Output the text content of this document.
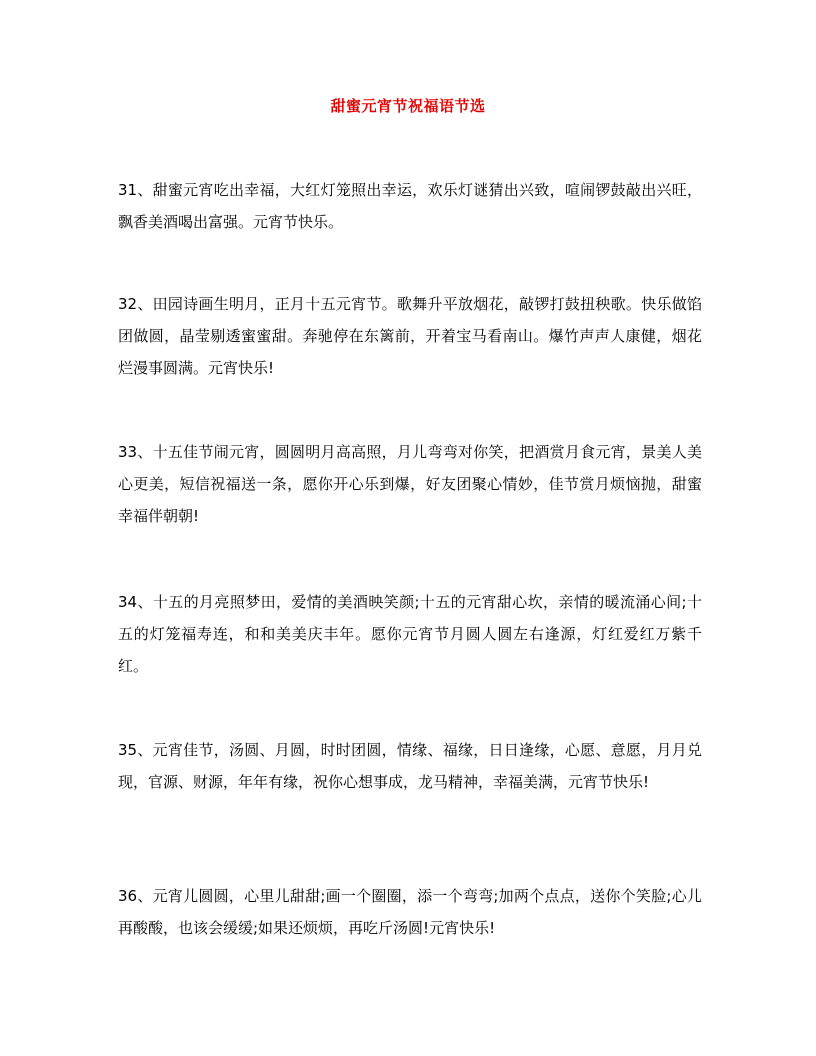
甜蜜元宵节祝福语节选

31、甜蜜元宵吃出幸福，大红灯笼照出幸运，欢乐灯谜猜出兴致，喧闹锣鼓敲出兴旺，飘香美酒喝出富强。元宵节快乐。

32、田园诗画生明月，正月十五元宵节。歌舞升平放烟花，敲锣打鼓扭秧歌。快乐做馅团做圆，晶莹剔透蜜蜜甜。奔驰停在东篱前，开着宝马看南山。爆竹声声人康健，烟花烂漫事圆满。元宵快乐!

33、十五佳节闹元宵，圆圆明月高高照，月儿弯弯对你笑，把酒赏月食元宵，景美人美心更美，短信祝福送一条，愿你开心乐到爆，好友团聚心情妙，佳节赏月烦恼抛，甜蜜幸福伴朝朝!

34、十五的月亮照梦田，爱情的美酒映笑颜;十五的元宵甜心坎，亲情的暖流涌心间;十五的灯笼福寿连，和和美美庆丰年。愿你元宵节月圆人圆左右逢源，灯红爱红万紫千红。

35、元宵佳节，汤圆、月圆，时时团圆，情缘、福缘，日日逢缘，心愿、意愿，月月兑现，官源、财源，年年有缘，祝你心想事成，龙马精神，幸福美满，元宵节快乐!

36、元宵儿圆圆，心里儿甜甜;画一个圈圈，添一个弯弯;加两个点点，送你个笑脸;心儿再酸酸，也该会缓缓;如果还烦烦，再吃斤汤圆!元宵快乐!
